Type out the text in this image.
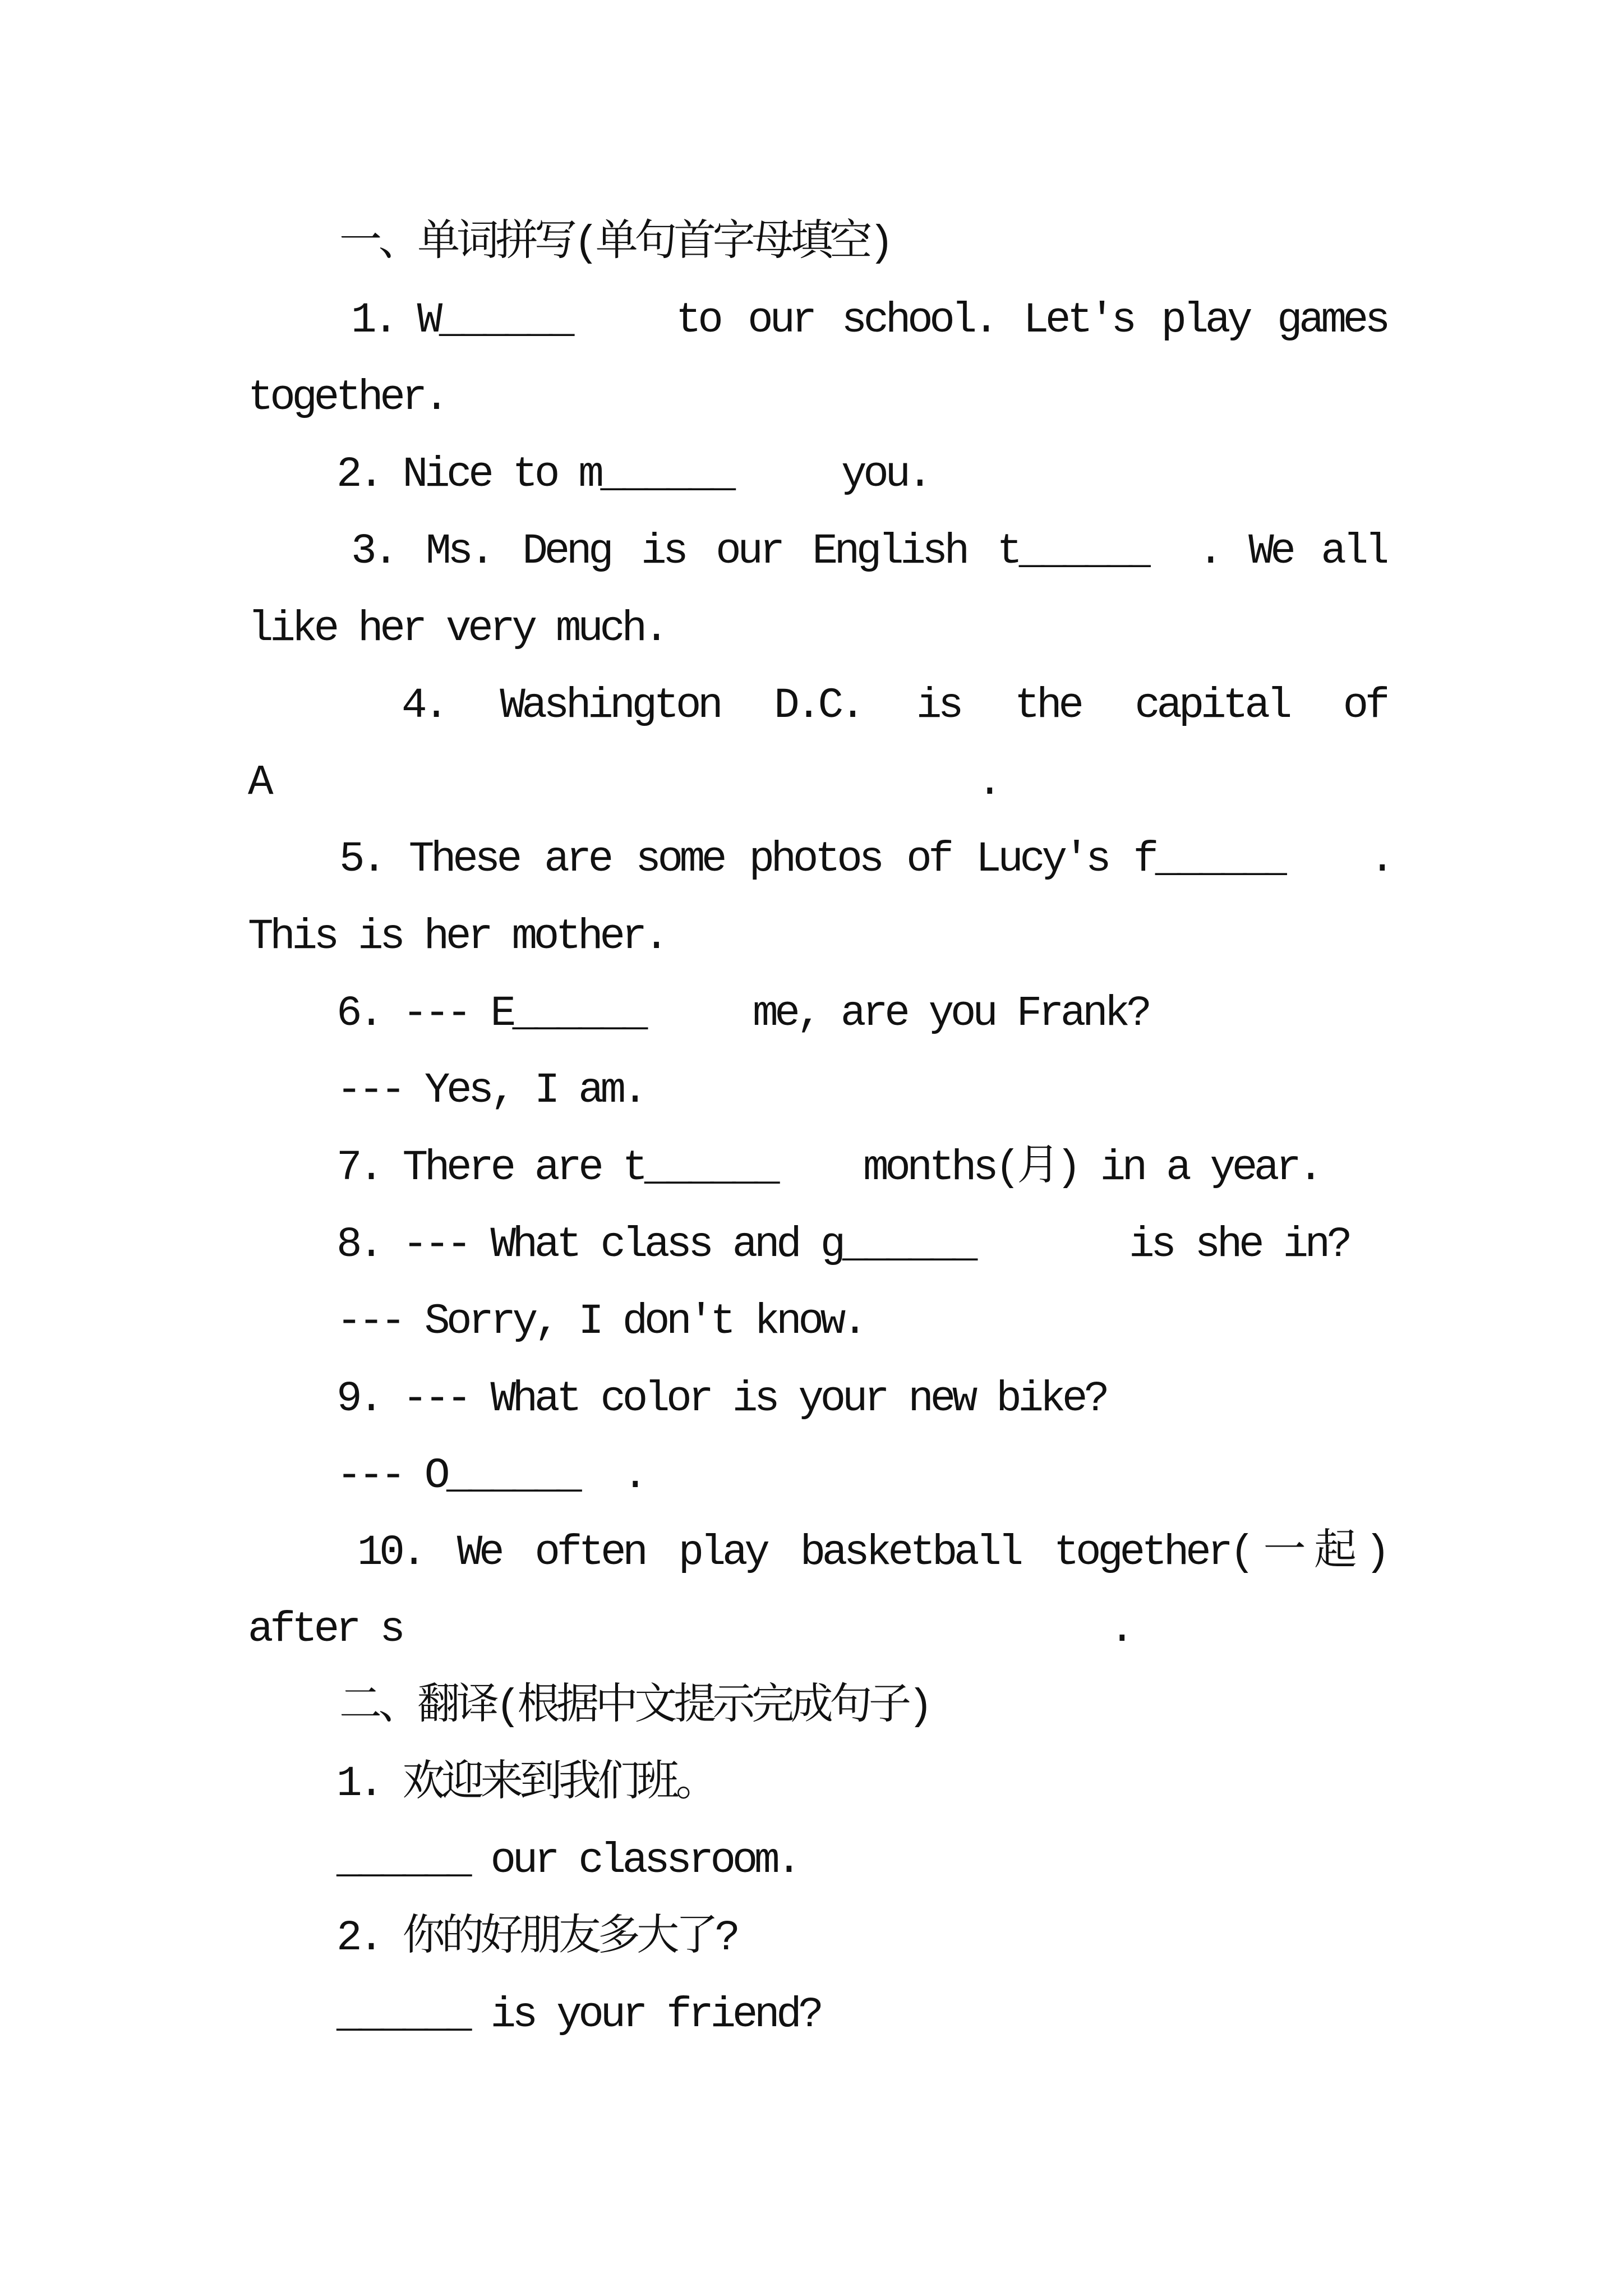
一、单词拼写(单句首字母填空)
1. W______ to our school. Let's play games
together.
2. Nice to m______	you.
3. Ms. Deng is our English t______ . We all
like her very much.
4. Washington D.C. is the capital of
A	.
5. These are some photos of Lucy's f______ .
This is her mother.
6. --- E______	me, are you Frank?
--- Yes, I am.
7. There are t______ months(月) in a year.
8. --- What class and g______	is she in?
--- Sorry, I don't know.
9. --- What color is your new bike?
--- O______ .
10. We often play basketball together(一起)
after s	.
二、翻译(根据中文提示完成句子)
1. 欢迎来到我们班。
______ our classroom.
2. 你的好朋友多大了?
______ is your friend?
